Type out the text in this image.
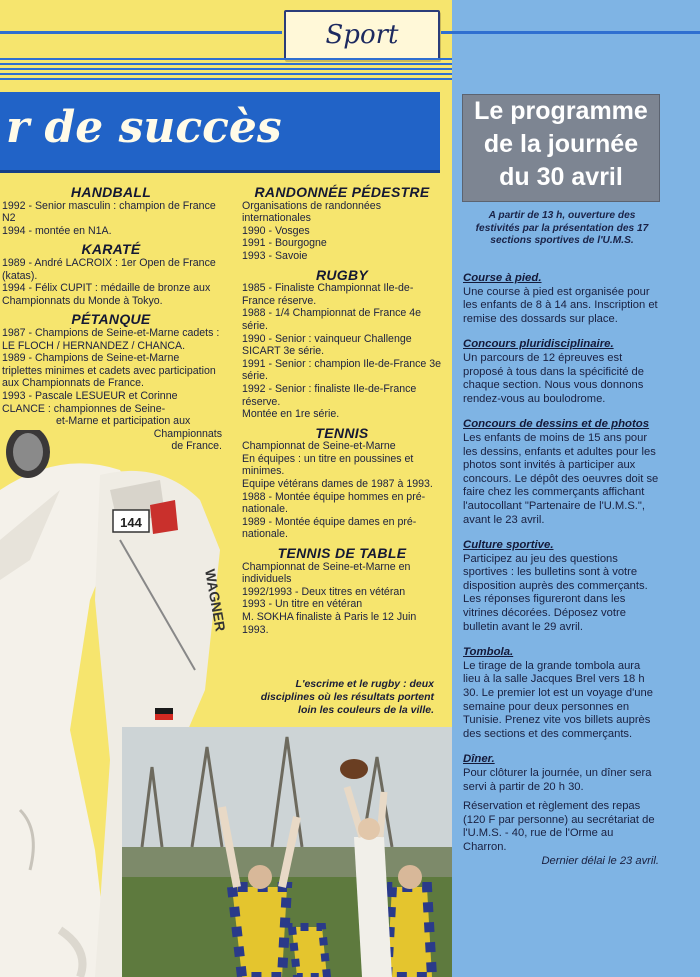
Sport
r de succès
HANDBALL

1992 - Senior masculin : champion de France N2

1994 - montée en N1A.

KARATÉ

1989 - André LACROIX : 1er Open de France (katas).

1994 - Félix CUPIT : médaille de bronze aux Championnats du Monde à Tokyo.

PÉTANQUE

1987 - Champions de Seine-et-Marne cadets : LE FLOCH / HERNANDEZ / CHANCA.

1989 - Champions de Seine-et-Marne triplettes minimes et cadets avec participation aux Championnats de France.

1993 - Pascale LESUEUR et Corinne

CLANCE : championnes de Seine-

et-Marne et participation aux

Championnats

de France.

RANDONNÉE PÉDESTRE

Organisations de randonnées internationales

1990 - Vosges

1991 - Bourgogne

1993 - Savoie

RUGBY

1985 - Finaliste Championnat Ile-de-France réserve.

1988 - 1/4 Championnat de France 4e série.

1990 - Senior : vainqueur Challenge SICART 3e série.

1991 - Senior : champion Ile-de-France 3e série.

1992 - Senior : finaliste Ile-de-France réserve.

Montée en 1re série.

TENNIS

Championnat de Seine-et-Marne

En équipes : un titre en poussines et minimes.

Equipe vétérans dames de 1987 à 1993.

1988 - Montée équipe hommes en pré-nationale.

1989 - Montée équipe dames en pré-nationale.

TENNIS DE TABLE

Championnat de Seine-et-Marne en individuels

1992/1993 - Deux titres en vétéran

1993 - Un titre en vétéran

M. SOKHA finaliste à Paris le 12 Juin 1993.

L'escrime et le rugby : deux disciplines où les résultats portent loin les couleurs de la ville.
144
WAGNER
Le programme
de la journée
du 30 avril
A partir de 13 h, ouverture des festivités par la présentation des 17 sections sportives de l'U.M.S.
Course à pied.

Une course à pied est organisée pour les enfants de 8 à 14 ans. Inscription et remise des dossards sur place.

Concours pluridisciplinaire.

Un parcours de 12 épreuves est proposé à tous dans la spécificité de chaque section. Nous vous donnons rendez-vous au boulodrome.

Concours de dessins et de photos

Les enfants de moins de 15 ans pour les dessins, enfants et adultes pour les photos sont invités à participer aux concours. Le dépôt des oeuvres doit se faire chez les commerçants affichant l'autocollant "Partenaire de l'U.M.S.", avant le 23 avril.

Culture sportive.

Participez au jeu des questions sportives : les bulletins sont à votre disposition auprès des commerçants. Les réponses figureront dans les vitrines décorées. Déposez votre bulletin avant le 29 avril.

Tombola.

Le tirage de la grande tombola aura lieu à la salle Jacques Brel vers 18 h 30. Le premier lot est un voyage d'une semaine pour deux personnes en Tunisie. Prenez vite vos billets auprès des sections et des commerçants.

Dîner.

Pour clôturer la journée, un dîner sera servi à partir de 20 h 30.

Réservation et règlement des repas (120 F par personne) au secrétariat de l'U.M.S. - 40, rue de l'Orme au Charron.

Dernier délai le 23 avril.
